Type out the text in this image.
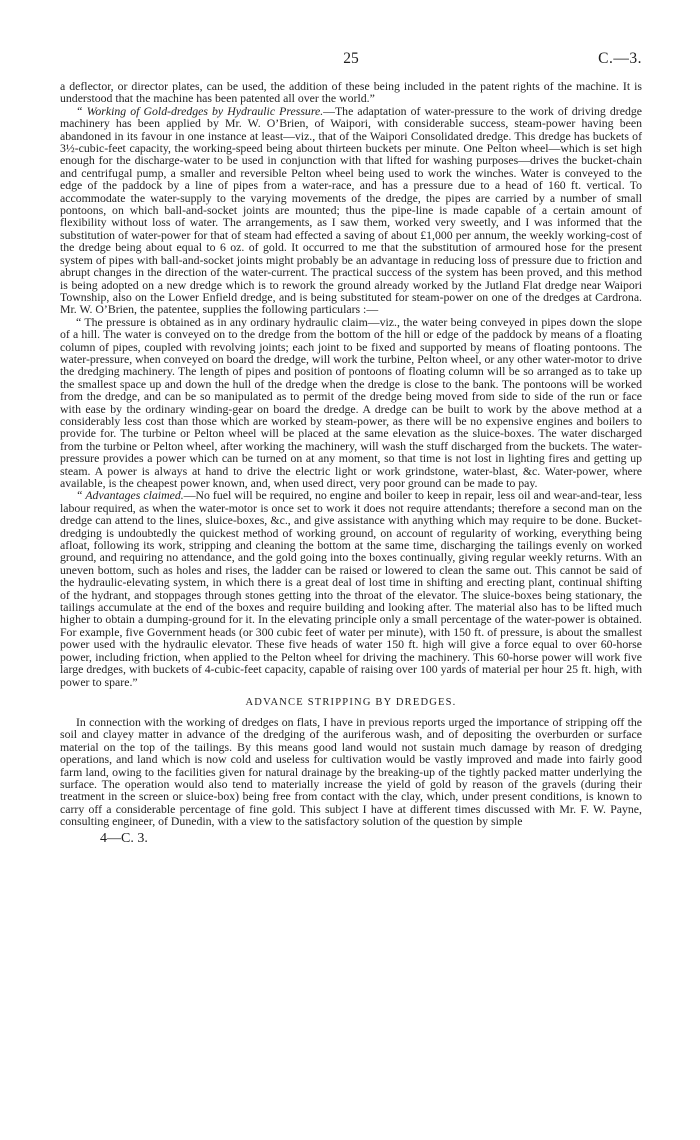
25	C.—3.

a deflector, or director plates, can be used, the addition of these being included in the patent rights of the machine. It is understood that the machine has been patented all over the world.”

“ Working of Gold-dredges by Hydraulic Pressure.—The adaptation of water-pressure to the work of driving dredge machinery has been applied by Mr. W. O’Brien, of Waipori, with considerable success, steam-power having been abandoned in its favour in one instance at least—viz., that of the Waipori Consolidated dredge. This dredge has buckets of 3½-cubic-feet capacity, the working-speed being about thirteen buckets per minute. One Pelton wheel—which is set high enough for the discharge-water to be used in conjunction with that lifted for washing purposes—drives the bucket-chain and centrifugal pump, a smaller and reversible Pelton wheel being used to work the winches. Water is conveyed to the edge of the paddock by a line of pipes from a water-race, and has a pressure due to a head of 160 ft. vertical. To accommodate the water-supply to the varying movements of the dredge, the pipes are carried by a number of small pontoons, on which ball-and-socket joints are mounted; thus the pipe-line is made capable of a certain amount of flexibility without loss of water. The arrangements, as I saw them, worked very sweetly, and I was informed that the substitution of water-power for that of steam had effected a saving of about £1,000 per annum, the weekly working-cost of the dredge being about equal to 6 oz. of gold. It occurred to me that the substitution of armoured hose for the present system of pipes with ball-and-socket joints might probably be an advantage in reducing loss of pressure due to friction and abrupt changes in the direction of the water-current. The practical success of the system has been proved, and this method is being adopted on a new dredge which is to rework the ground already worked by the Jutland Flat dredge near Waipori Township, also on the Lower Enfield dredge, and is being substituted for steam-power on one of the dredges at Cardrona. Mr. W. O’Brien, the patentee, supplies the following particulars :—

“ The pressure is obtained as in any ordinary hydraulic claim—viz., the water being conveyed in pipes down the slope of a hill. The water is conveyed on to the dredge from the bottom of the hill or edge of the paddock by means of a floating column of pipes, coupled with revolving joints; each joint to be fixed and supported by means of floating pontoons. The water-pressure, when conveyed on board the dredge, will work the turbine, Pelton wheel, or any other water-motor to drive the dredging machinery. The length of pipes and position of pontoons of floating column will be so arranged as to take up the smallest space up and down the hull of the dredge when the dredge is close to the bank. The pontoons will be worked from the dredge, and can be so manipulated as to permit of the dredge being moved from side to side of the run or face with ease by the ordinary winding-gear on board the dredge. A dredge can be built to work by the above method at a considerably less cost than those which are worked by steam-power, as there will be no expensive engines and boilers to provide for. The turbine or Pelton wheel will be placed at the same elevation as the sluice-boxes. The water discharged from the turbine or Pelton wheel, after working the machinery, will wash the stuff discharged from the buckets. The water-pressure provides a power which can be turned on at any moment, so that time is not lost in lighting fires and getting up steam. A power is always at hand to drive the electric light or work grindstone, water-blast, &c. Water-power, where available, is the cheapest power known, and, when used direct, very poor ground can be made to pay.

“ Advantages claimed.—No fuel will be required, no engine and boiler to keep in repair, less oil and wear-and-tear, less labour required, as when the water-motor is once set to work it does not require attendants; therefore a second man on the dredge can attend to the lines, sluice-boxes, &c., and give assistance with anything which may require to be done. Bucket-dredging is undoubtedly the quickest method of working ground, on account of regularity of working, everything being afloat, following its work, stripping and cleaning the bottom at the same time, discharging the tailings evenly on worked ground, and requiring no attendance, and the gold going into the boxes continually, giving regular weekly returns. With an uneven bottom, such as holes and rises, the ladder can be raised or lowered to clean the same out. This cannot be said of the hydraulic-elevating system, in which there is a great deal of lost time in shifting and erecting plant, continual shifting of the hydrant, and stoppages through stones getting into the throat of the elevator. The sluice-boxes being stationary, the tailings accumulate at the end of the boxes and require building and looking after. The material also has to be lifted much higher to obtain a dumping-ground for it. In the elevating principle only a small percentage of the water-power is obtained. For example, five Government heads (or 300 cubic feet of water per minute), with 150 ft. of pressure, is about the smallest power used with the hydraulic elevator. These five heads of water 150 ft. high will give a force equal to over 60-horse power, including friction, when applied to the Pelton wheel for driving the machinery. This 60-horse power will work five large dredges, with buckets of 4-cubic-feet capacity, capable of raising over 100 yards of material per hour 25 ft. high, with power to spare.”

ADVANCE STRIPPING BY DREDGES.

In connection with the working of dredges on flats, I have in previous reports urged the importance of stripping off the soil and clayey matter in advance of the dredging of the auriferous wash, and of depositing the overburden or surface material on the top of the tailings. By this means good land would not sustain much damage by reason of dredging operations, and land which is now cold and useless for cultivation would be vastly improved and made into fairly good farm land, owing to the facilities given for natural drainage by the breaking-up of the tightly packed matter underlying the surface. The operation would also tend to materially increase the yield of gold by reason of the gravels (during their treatment in the screen or sluice-box) being free from contact with the clay, which, under present conditions, is known to carry off a considerable percentage of fine gold. This subject I have at different times discussed with Mr. F. W. Payne, consulting engineer, of Dunedin, with a view to the satisfactory solution of the question by simple

4—C. 3.
